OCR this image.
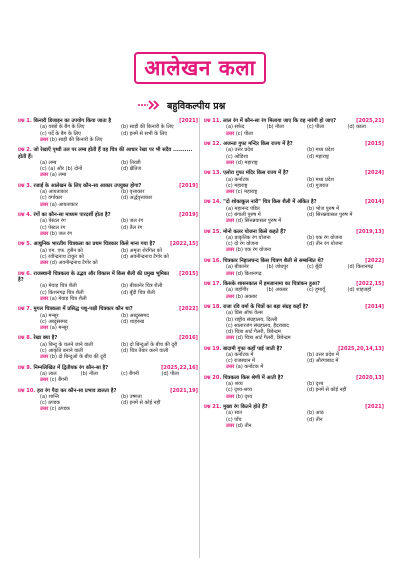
आलेखन कला
बहुविकल्पीय प्रश्न
[2021]
प्रश्न 1. किनारी डिजाइन का उपयोग किया जाता है
(a) वस्त्रों के बैग के लिए	(b) साड़ी की किनारी के लिए
(c) पर्दे के बैग के लिए	(d) इनमें से सभी के लिए
उत्तर (b) साड़ी की किनारी के लिए
प्रश्न 2. जो रेखाएँ पृथ्वी तल पर लम्ब होती हैं वह चित्र की आधार रेखा पर भी सदैव .......... होती हैं।
(a) लम्ब	(b) तिरछी
(c) (a) और (b) दोनों	(d) क्षैतिज
उत्तर (a) लम्ब
[2019]
प्रश्न 3. रजाई के आलेखन के लिए कौन-सा आकार उपयुक्त होगा?
(a) आयताकार	(b) वृत्ताकार
(c) वर्गाकार	(d) अर्द्धवृत्ताकार
उत्तर (a) आयताकार
[2019]
प्रश्न 4. रंगों का कौन-सा माध्यम पारदर्शी होता है?
(a) पेस्टल रंग	(b) जल रंग
(c) पेस्टल रंग	(d) तैल रंग
उत्तर (b) जल रंग
[2022,15]
प्रश्न 5. आधुनिक भारतीय चित्रकला का प्रथम चित्रकार किसे माना गया है?
(a) एम. एफ. हुसैन को	(b) अमृता शेरगिल को
(c) रवीन्द्रनाथ टाकुर को	(d) अवनीन्द्रनाथ टैगोर को
उत्तर (d) अवनीन्द्रनाथ टैगोर को
[2015]
प्रश्न 6. राजस्थानी चित्रकला के उद्भव और विकास में किस शैली की प्रमुख भूमिका है?
(a) मेवाड़ चित्र शैली	(b) बीकानेर चित्र शैली
(c) किशनगढ़ चित्र शैली	(d) बूँदी चित्र शैली
उत्तर (a) मेवाड़ चित्र शैली
[2022]
प्रश्न 7. मुगल चित्रकला में प्रसिद्ध पशु-पक्षी चित्रकार कौन था?
(a) मन्सूर	(b) अब्दुस्समद
(c) अब्दुस्समद	(d) शाहरुख
उत्तर (a) मन्सूर
[2016]
प्रश्न 8. रेखा क्या है?
(a) बिन्दु के चलने जाने वाली	(b) दो बिन्दुओं के बीच की दूरी
(c) आकृति बनाने वाली	(d) चित्र तैयार करने वाली
उत्तर (b) दो बिन्दुओं के बीच की दूरी
[2025,22,16]
प्रश्न 9. निम्नलिखित में द्वितीयक रंग कौन-सा है?
(a) लाल	(b) नीला	(c) बैंगनी	(d) पीला
उत्तर (c) बैंगनी
[2021,19]
प्रश्न 10. हरा रंग पैदा कर कौन-सा प्रभाव डालता है?
(a) शान्ति	(b) उष्णता
(c) ठण्डक	(d) इनमें से कोई नहीं
उत्तर (c) ठण्डक
[2025,21]
प्रश्न 11. लाल रंग में कौन-सा रंग मिलाया जाए कि वह नारंगी हो जाए?
(a) सफेद	(b) नीला	(c) पीला	(d) काला
उत्तर (c) पीला
[2015]
प्रश्न 12. अजन्ता गुफा मन्दिर किस राज्य में है?
(a) उत्तर प्रदेश	(b) मध्य प्रदेश
(c) ओडिशा	(d) महाराष्ट्र
उत्तर (d) महाराष्ट्र
[2024]
प्रश्न 13. एलोरा गुफा मंदिर किस राज्य में है?
(a) कर्नाटक	(b) मध्य प्रदेश
(c) महाराष्ट्र	(d) गुजरात
उत्तर (c) महाराष्ट्र
[2014]
प्रश्न 14. "दो शोकाकुल नारी" चित्र किस शैली में अंकित है?
(a) महानन्द पंडित	(b) भोज पुरुष में
(c) बंगाली पुरुष में	(d) सित्तन्नवासल पुरुष में
उत्तर (d) सित्तन्नवासल पुरुष में
[2019,13]
प्रश्न 15. मोनो कलर योजना किसे कहते हैं?
(a) प्राकृतिक रंग योजना	(b) एक रंग योजना
(c) दो रंग योजना	(d) तीन रंग योजना
उत्तर (b) एक रंग योजना
[2022]
प्रश्न 16. चित्रकार निहालचन्द किस चित्रण शैली से सम्बन्धित थे?
(a) बीकानेर	(b) जोधपुर	(c) बूँदी	(d) किशनगढ़
उत्तर (d) किशनगढ़
[2022,15]
प्रश्न 17. किसके शासनकाल में हमजानामा का चित्रांकन हुआ?
(a) जहाँगीर	(b) अकबर	(c) हुमायूँ	(d) शाहजहाँ
उत्तर (b) अकबर
[2014]
प्रश्न 18. राजा रवि वर्मा के चित्रों का बड़ा संग्रह कहाँ है?
(a) प्रिंस ऑफ वेल्स
(b) राष्ट्रीय संग्रहालय, दिल्ली
(c) सालारजंग संग्रहालय, हैदराबाद
(d) चित्रा आर्ट गैलरी, त्रिवेन्द्रम
उत्तर (d) चित्रा आर्ट गैलरी, त्रिवेन्द्रम
[2025,20,14,13]
प्रश्न 19. बादामी गुफा कहाँ पाई जाती है?
(a) कर्नाटक में	(b) उत्तर प्रदेश में
(c) राजस्थान में	(d) औरंगाबाद में
उत्तर (a) कर्नाटक में
[2020,13]
प्रश्न 20. चित्रकला किस श्रेणी में आती है?
(a) श्रव्य	(b) दृश्य
(c) दृश्य-श्रव्य	(d) इनमें से कोई नहीं
उत्तर (b) दृश्य
[2021]
प्रश्न 21. मुख्य रंग कितने होते हैं?
(a) सात	(b) आठ
(c) पाँच	(d) तीन
उत्तर (d) तीन
